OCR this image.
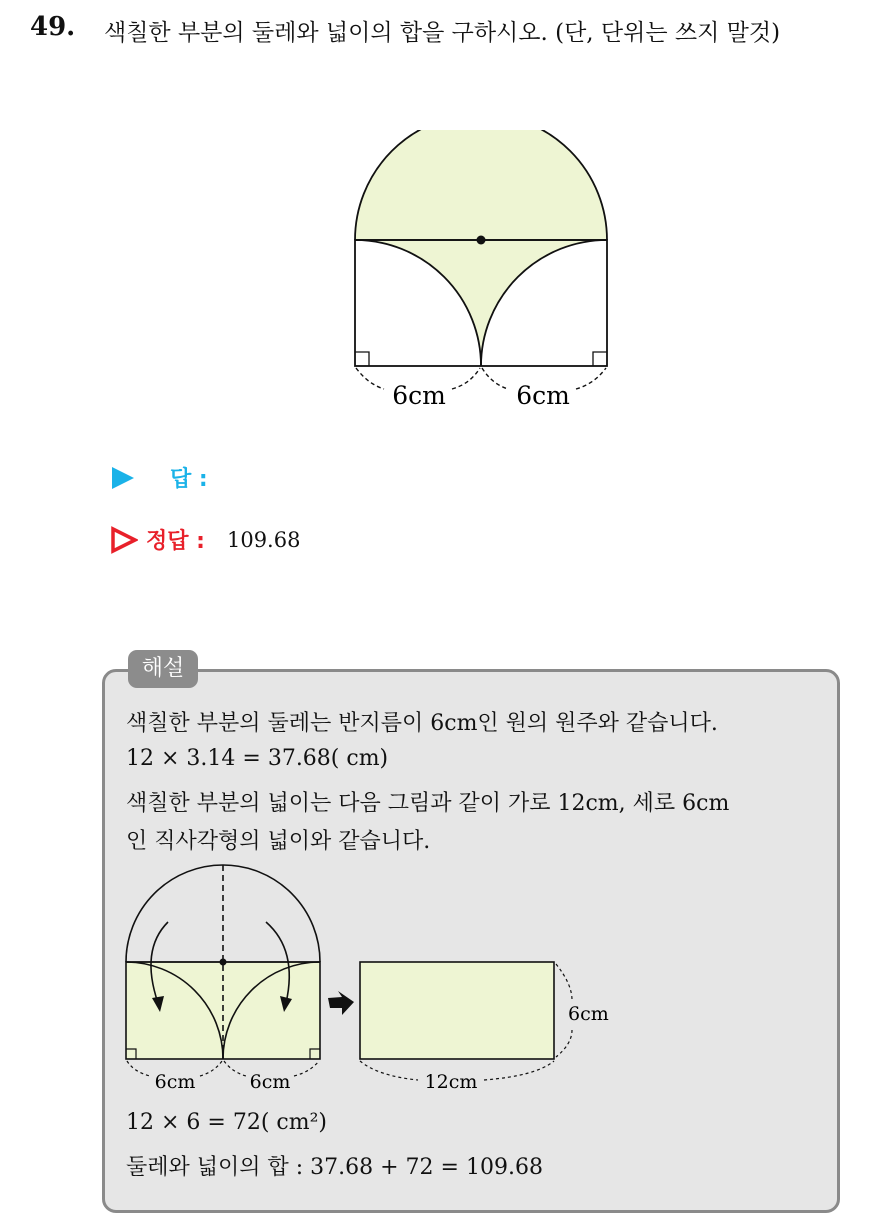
49. 색칠한 부분의 둘레와 넓이의 합을 구하시오. (단, 단위는 쓰지 말것)
6cm	6cm
답 :
정답 : 109.68
해설
색칠한 부분의 둘레는 반지름이 6cm인 원의 원주와 같습니다.
12 × 3.14 = 37.68( cm)
색칠한 부분의 넓이는 다음 그림과 같이 가로 12cm, 세로 6cm
인 직사각형의 넓이와 같습니다.
12 × 6 = 72( cm²)
둘레와 넓이의 합 : 37.68 + 72 = 109.68
6cm	6cm
6cm
12cm
